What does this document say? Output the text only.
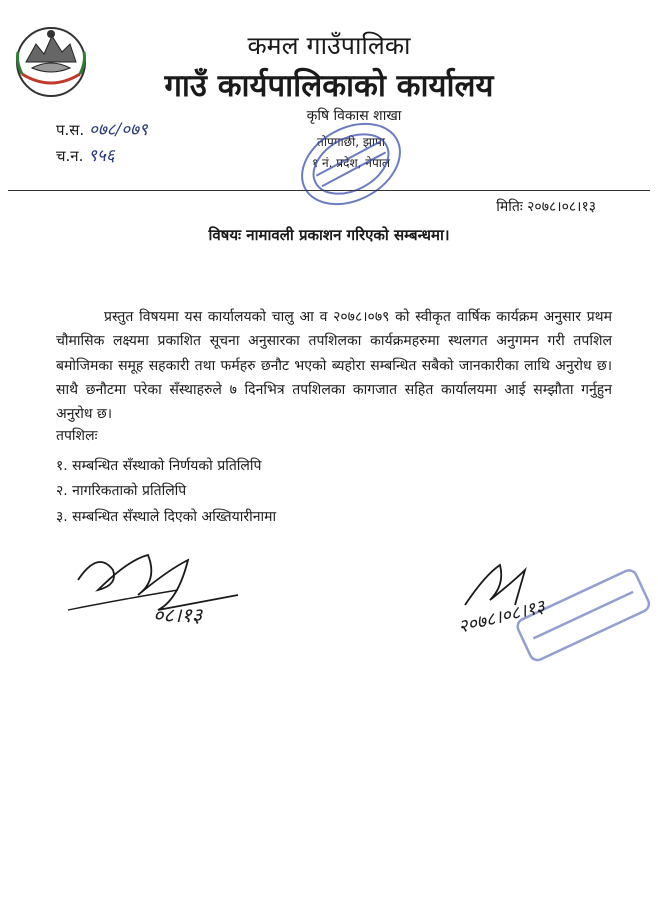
कमल गाउँपालिका
गाउँ कार्यपालिकाको कार्यालय
कृषि विकास शाखा
तोपगाछी, झापा
१ नं. प्रदेश, नेपाल
प.स. ०७८/०७९
च.न. ९५६
मितिः २०७८।०८।१३
विषयः नामावली प्रकाशन गरिएको सम्बन्धमा।
प्रस्तुत विषयमा यस कार्यालयको चालु आ व २०७८।०७९ को स्वीकृत वार्षिक कार्यक्रम अनुसार प्रथम चौमासिक लक्ष्यमा प्रकाशित सूचना अनुसारका तपशिलका कार्यक्रमहरुमा स्थलगत अनुगमन गरी तपशिल बमोजिमका समूह सहकारी तथा फर्महरु छनौट भएको ब्यहोरा सम्बन्धित सबैको जानकारीका लाथि अनुरोध छ। साथै छनौटमा परेका सँस्थाहरुले ७ दिनभित्र तपशिलका कागजात सहित कार्यालयमा आई सम्झौता गर्नुहुन अनुरोध छ।
तपशिलः
१. सम्बन्धित सँस्थाको निर्णयको प्रतिलिपि
२. नागरिकताको प्रतिलिपि
३. सम्बन्धित सँस्थाले दिएको अख्तियारीनामा
०८।१३	२०७८।०८।१३
